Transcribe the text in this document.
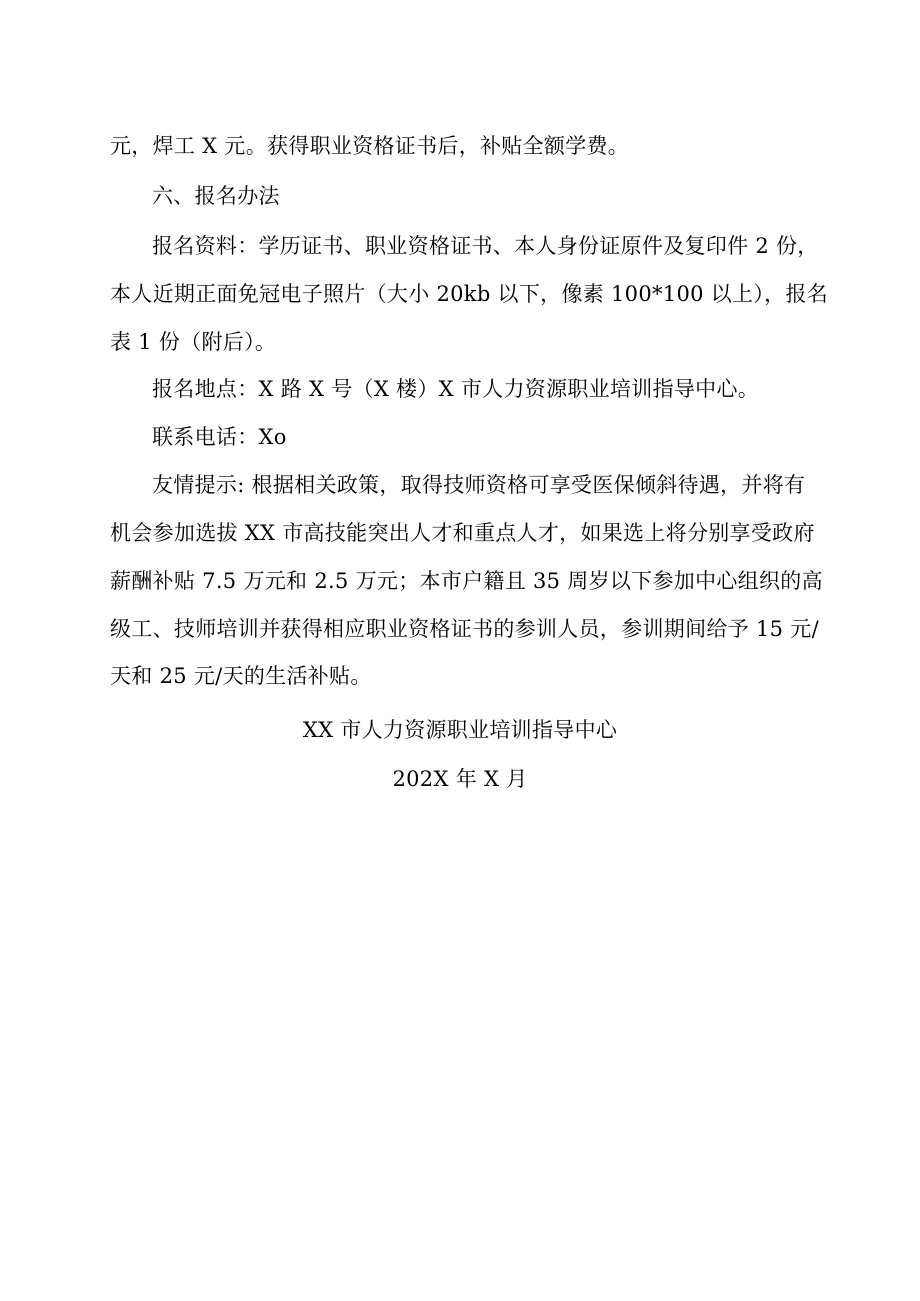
元，焊工 X 元。获得职业资格证书后，补贴全额学费。
六、报名办法
报名资料：学历证书、职业资格证书、本人身份证原件及复印件 2 份，
本人近期正面免冠电子照片（大小 20kb 以下，像素 100*100 以上），报名
表 1 份（附后）。
报名地点：X 路 X 号（X 楼）X 市人力资源职业培训指导中心。
联系电话：Xo
友情提示: 根据相关政策，取得技师资格可享受医保倾斜待遇，并将有
机会参加选拔 XX 市高技能突出人才和重点人才，如果选上将分别享受政府
薪酬补贴 7.5 万元和 2.5 万元；本市户籍且 35 周岁以下参加中心组织的高
级工、技师培训并获得相应职业资格证书的参训人员，参训期间给予 15 元/
天和 25 元/天的生活补贴。
XX 市人力资源职业培训指导中心
202X 年 X 月
